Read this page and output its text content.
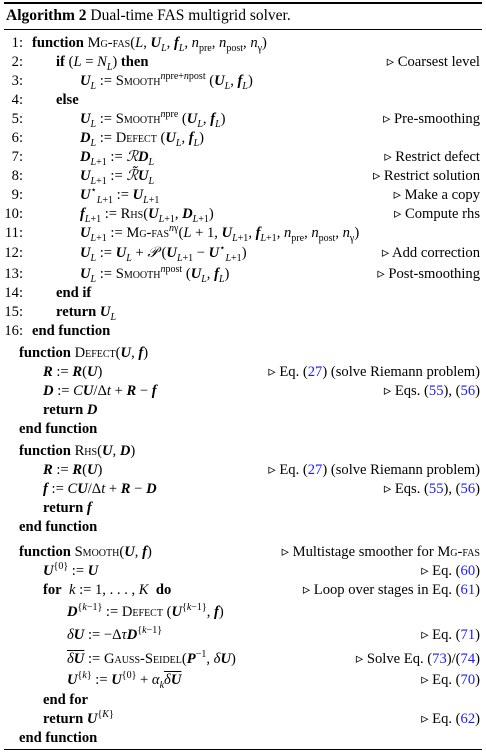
Algorithm 2 Dual-time FAS multigrid solver.
1: function Mg-fas(L, $U_L$, $f_L$, $n_{pre}$, $n_{post}$, $n_\gamma$)
2: if $(L = N_L)$ then	▹ Coarsest level
3:	$U_L$ := Smooth$^{npre+npost}$ ($U_L$, $f_L$)
4: else
5:	$U_L$ := Smooth$^{npre}$ ($U_L$, $f_L$)	▹ Pre-smoothing
6:	$D_L$ := Defect ($U_L$, $f_L$)
7:	$D_{L+1}$ := ℛD$_L$	▹ Restrict defect
8:	$U_{L+1}$ := $ℛ̃U_L$	▹ Restrict solution
9:	$U^⋆_{L+1}$ := $U_{L+1}$	▹ Make a copy
10:	$f_{L+1}$ := $Rhs(U_{L+1}$, $D_{L+1}$)	▹ Compute rhs
11:	$U_{L+1}$ := Mg-fas$^{n\gamma}$(L + 1, $U_{L+1}$, $f_{L+1}$, $n_{pre}$, $n_{post}$, $n_\gamma$)
12:	$U_L$ := $U_L$ + 𝒫 $(U_{L+1} - U^⋆_{L+1})$	▹ Add correction
13:	$U_L$ := Smooth$^{npost}$ ($U_L$, $f_L$)	▹ Post-smoothing
14: end if
15: return $U_L$
16: end function
function Defect(U, f)
R := R(U)	▹ Eq. (27) (solve Riemann problem)
D := CU/Δt + R − f	▹ Eqs. (55), (56)
return D
end function
function Rhs(U, D)
R := R(U)	▹ Eq. (27) (solve Riemann problem)
f := CU/Δt + R − D	▹ Eqs. (55), (56)
return f
end function
function Smooth(U, f)	▹ Multistage smoother for Mg-fas
$U^{\{0\}}$ := U	▹ Eq. (60)
for k := 1, . . . , K do	▹ Loop over stages in Eq. (61)
$D^{\{k-1\}}$ := Defect ($U^{\{k-1\}}$, f)
δU := −ΔτD$^{\{k-1\}}$	▹ Eq. (71)
δU := Gauss-$Seidel(P^{-1}$, δU)	▹ Solve Eq. (73)/(74)
$U^{\{k\}}$ := $U^{\{0\}} + \alpha_k\delta U$	▹ Eq. (70)
end for
return $U^{\{K\}}$	▹ Eq. (62)
end function
